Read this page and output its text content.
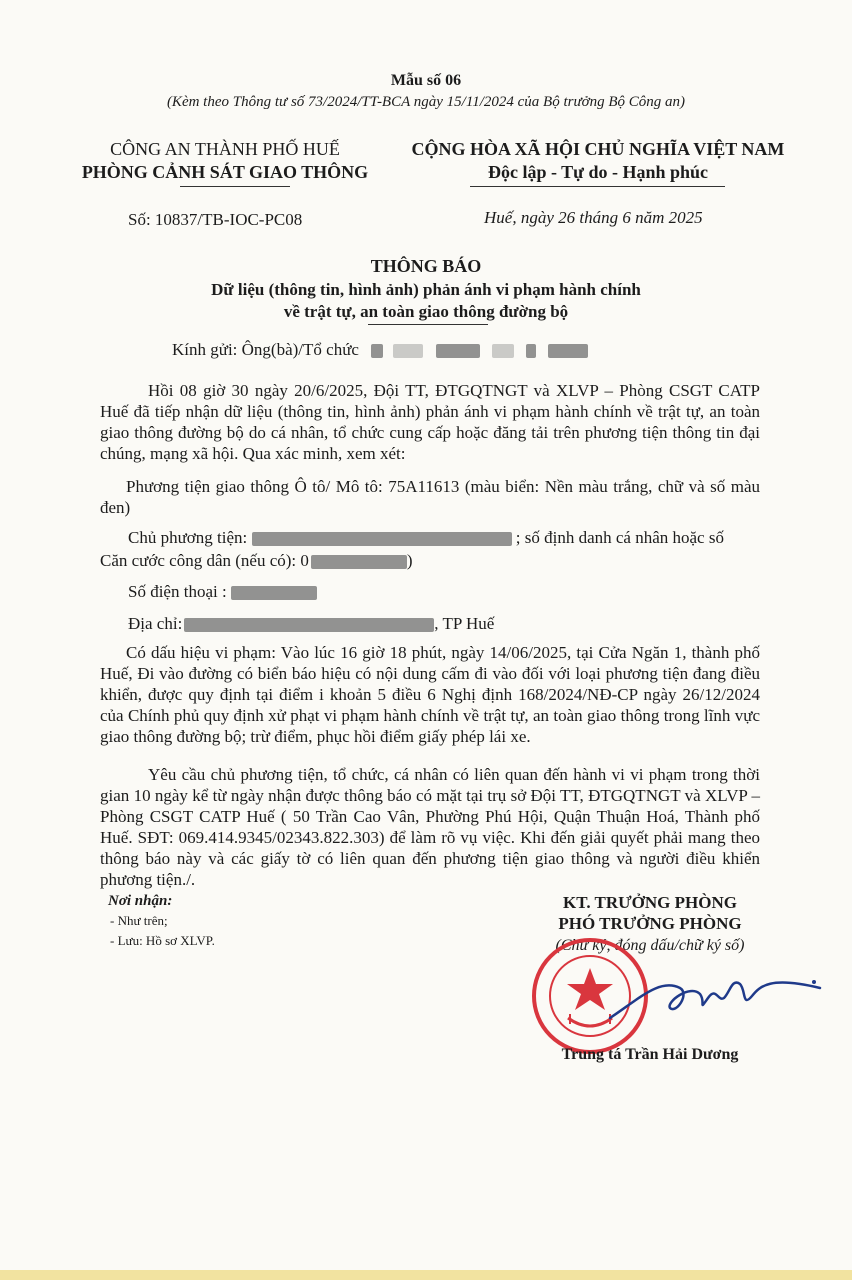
Mẫu số 06
(Kèm theo Thông tư số 73/2024/TT-BCA ngày 15/11/2024 của Bộ trưởng Bộ Công an)
CÔNG AN THÀNH PHỐ HUẾ
PHÒNG CẢNH SÁT GIAO THÔNG
CỘNG HÒA XÃ HỘI CHỦ NGHĨA VIỆT NAM
Độc lập - Tự do - Hạnh phúc
Số: 10837/TB-IOC-PC08	Huế, ngày 26 tháng 6 năm 2025
THÔNG BÁO
Dữ liệu (thông tin, hình ảnh) phản ánh vi phạm hành chính
về trật tự, an toàn giao thông đường bộ
Kính gửi: Ông(bà)/Tổ chức
Hồi 08 giờ 30 ngày 20/6/2025, Đội TT, ĐTGQTNGT và XLVP – Phòng CSGT CATP Huế đã tiếp nhận dữ liệu (thông tin, hình ảnh) phản ánh vi phạm hành chính về trật tự, an toàn giao thông đường bộ do cá nhân, tổ chức cung cấp hoặc đăng tải trên phương tiện thông tin đại chúng, mạng xã hội. Qua xác minh, xem xét:
Phương tiện giao thông Ô tô/ Mô tô: 75A11613 (màu biển: Nền màu trắng, chữ và số màu đen)
Chủ phương tiện:	; số định danh cá nhân hoặc số
Căn cước công dân (nếu có): 0	)
Số điện thoại :
Địa chỉ:	, TP Huế
Có dấu hiệu vi phạm: Vào lúc 16 giờ 18 phút, ngày 14/06/2025, tại Cửa Ngăn 1, thành phố Huế, Đi vào đường có biển báo hiệu có nội dung cấm đi vào đối với loại phương tiện đang điều khiển, được quy định tại điểm i khoản 5 điều 6 Nghị định 168/2024/NĐ-CP ngày 26/12/2024 của Chính phủ quy định xử phạt vi phạm hành chính về trật tự, an toàn giao thông trong lĩnh vực giao thông đường bộ; trừ điểm, phục hồi điểm giấy phép lái xe.
Yêu cầu chủ phương tiện, tổ chức, cá nhân có liên quan đến hành vi vi phạm trong thời gian 10 ngày kể từ ngày nhận được thông báo có mặt tại trụ sở Đội TT, ĐTGQTNGT và XLVP – Phòng CSGT CATP Huế ( 50 Trần Cao Vân, Phường Phú Hội, Quận Thuận Hoá, Thành phố Huế. SĐT: 069.414.9345/02343.822.303) để làm rõ vụ việc. Khi đến giải quyết phải mang theo thông báo này và các giấy tờ có liên quan đến phương tiện giao thông và người điều khiển phương tiện./.
Nơi nhận:
- Như trên;
- Lưu: Hồ sơ XLVP.
KT. TRƯỞNG PHÒNG
PHÓ TRƯỞNG PHÒNG
(Chữ ký, đóng dấu/chữ ký số)
Trung tá Trần Hải Dương
